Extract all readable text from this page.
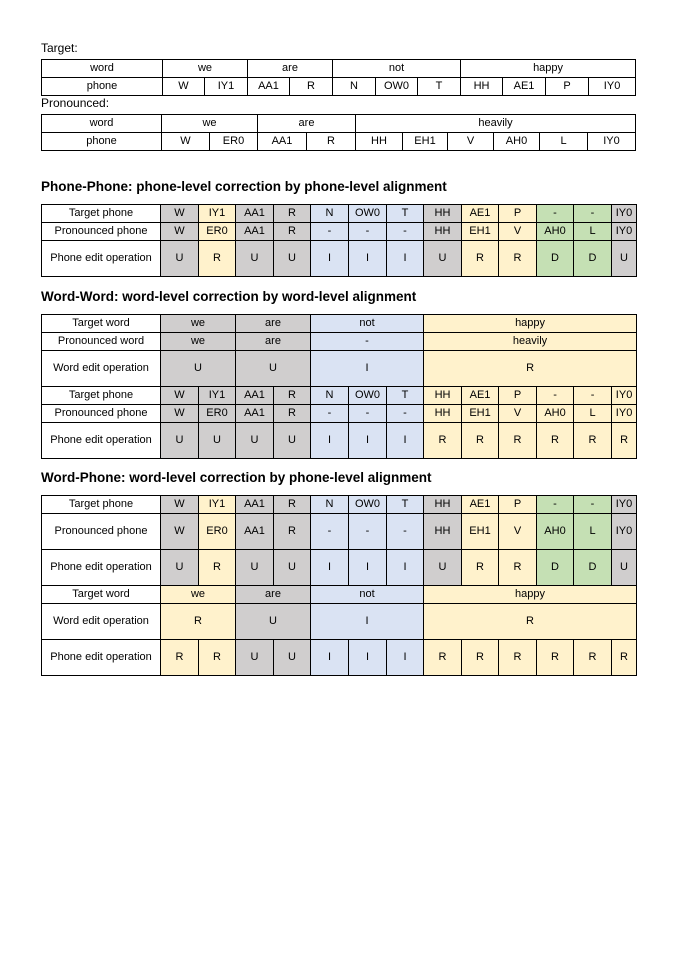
Target:
word	we		are		not			happy			
phone	W	IY1	AA1	R	N	OW0	T	HH	AE1	P	IY0
Pronounced:
word	we		are		heavily					
phone	W	ER0	AA1	R	HH	EH1	V	AH0	L	IY0
Phone-Phone: phone-level correction by phone-level alignment
Target phone	W	IY1	AA1	R	N	OW0	T	HH	AE1	P	-	-	IY0
Pronounced phone	W	ER0	AA1	R	-	-	-	HH	EH1	V	AH0	L	IY0
Phone edit operation	U	R	U	U	I	I	I	U	R	R	D	D	U
Word-Word: word-level correction by word-level alignment
Target word	we		are		not			happy					
Pronounced word	we		are		-			heavily					
Word edit operation	U		U		I			R					
Target phone	W	IY1	AA1	R	N	OW0	T	HH	AE1	P	-	-	IY0
Pronounced phone	W	ER0	AA1	R	-	-	-	HH	EH1	V	AH0	L	IY0
Phone edit operation	U	U	U	U	I	I	I	R	R	R	R	R	R
Word-Phone: word-level correction by phone-level alignment
Target phone	W	IY1	AA1	R	N	OW0	T	HH	AE1	P	-	-	IY0
Pronounced phone	W	ER0	AA1	R	-	-	-	HH	EH1	V	AH0	L	IY0
Phone edit operation	U	R	U	U	I	I	I	U	R	R	D	D	U
Target word	we		are		not			happy					
Word edit operation	R		U		I			R					
Phone edit operation	R	R	U	U	I	I	I	R	R	R	R	R	R
